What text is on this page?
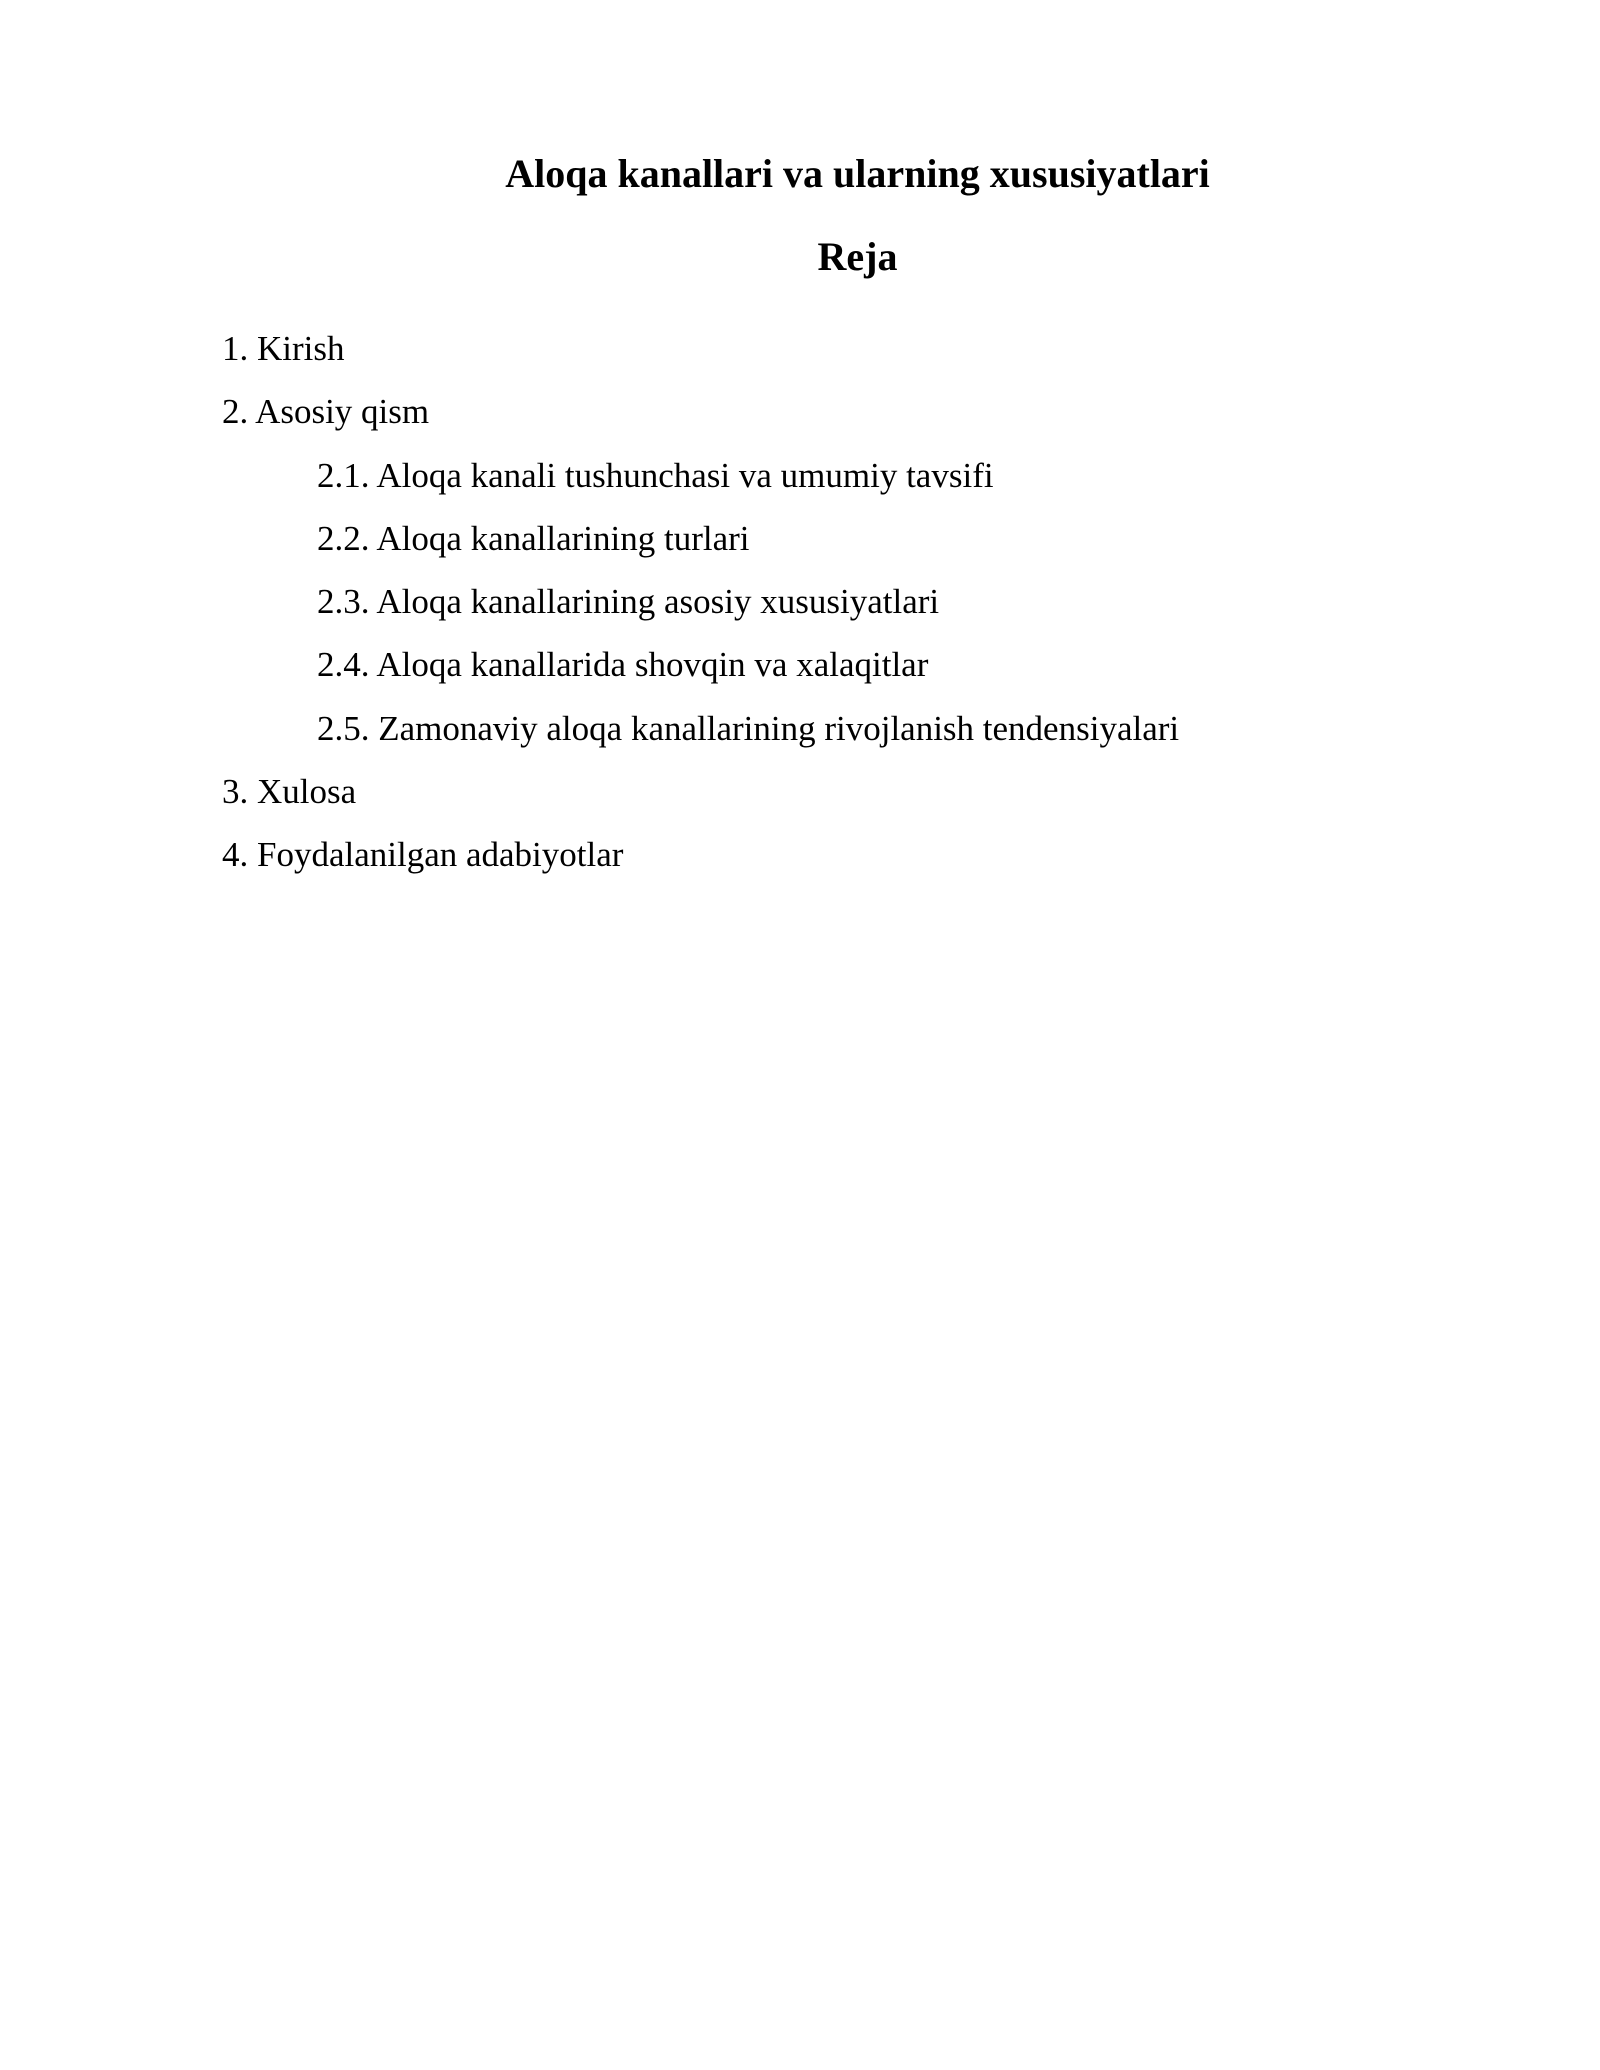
Aloqa kanallari va ularning xususiyatlari
Reja
1. Kirish
2. Asosiy qism
2.1. Aloqa kanali tushunchasi va umumiy tavsifi
2.2. Aloqa kanallarining turlari
2.3. Aloqa kanallarining asosiy xususiyatlari
2.4. Aloqa kanallarida shovqin va xalaqitlar
2.5. Zamonaviy aloqa kanallarining rivojlanish tendensiyalari
3. Xulosa
4. Foydalanilgan adabiyotlar
